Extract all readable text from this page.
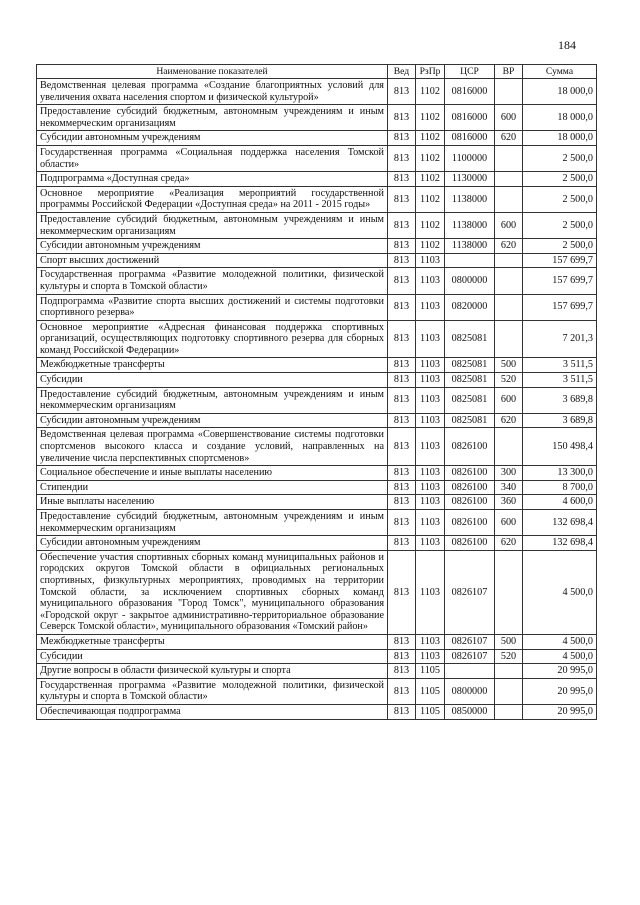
184
Наименование показателей	Вед	РзПр	ЦСР	ВР	Сумма
Ведомственная целевая программа «Создание благоприятных условий для увеличения охвата населения спортом и физической культурой»	813	1102	0816000		18 000,0
Предоставление субсидий бюджетным, автономным учреждениям и иным некоммерческим организациям	813	1102	0816000	600	18 000,0
Субсидии автономным учреждениям	813	1102	0816000	620	18 000,0
Государственная программа «Социальная поддержка населения Томской области»	813	1102	1100000		2 500,0
Подпрограмма «Доступная среда»	813	1102	1130000		2 500,0
Основное мероприятие «Реализация мероприятий государственной программы Российской Федерации «Доступная среда» на 2011 - 2015 годы»	813	1102	1138000		2 500,0
Предоставление субсидий бюджетным, автономным учреждениям и иным некоммерческим организациям	813	1102	1138000	600	2 500,0
Субсидии автономным учреждениям	813	1102	1138000	620	2 500,0
Спорт высших достижений	813	1103			157 699,7
Государственная программа «Развитие молодежной политики, физической культуры и спорта в Томской области»	813	1103	0800000		157 699,7
Подпрограмма «Развитие спорта высших достижений и системы подготовки спортивного резерва»	813	1103	0820000		157 699,7
Основное мероприятие «Адресная финансовая поддержка спортивных организаций, осуществляющих подготовку спортивного резерва для сборных команд Российской Федерации»	813	1103	0825081		7 201,3
Межбюджетные трансферты	813	1103	0825081	500	3 511,5
Субсидии	813	1103	0825081	520	3 511,5
Предоставление субсидий бюджетным, автономным учреждениям и иным некоммерческим организациям	813	1103	0825081	600	3 689,8
Субсидии автономным учреждениям	813	1103	0825081	620	3 689,8
Ведомственная целевая программа «Совершенствование системы подготовки спортсменов высокого класса и создание условий, направленных на увеличение числа перспективных спортсменов»	813	1103	0826100		150 498,4
Социальное обеспечение и иные выплаты населению	813	1103	0826100	300	13 300,0
Стипендии	813	1103	0826100	340	8 700,0
Иные выплаты населению	813	1103	0826100	360	4 600,0
Предоставление субсидий бюджетным, автономным учреждениям и иным некоммерческим организациям	813	1103	0826100	600	132 698,4
Субсидии автономным учреждениям	813	1103	0826100	620	132 698,4
Обеспечение участия спортивных сборных команд муниципальных районов и городских округов Томской области в официальных региональных спортивных, физкультурных мероприятиях, проводимых на территории Томской области, за исключением спортивных сборных команд муниципального образования "Город Томск", муниципального образования «Городской округ - закрытое административно-территориальное образование Северск Томской области», муниципального образования «Томский район»	813	1103	0826107		4 500,0
Межбюджетные трансферты	813	1103	0826107	500	4 500,0
Субсидии	813	1103	0826107	520	4 500,0
Другие вопросы в области физической культуры и спорта	813	1105			20 995,0
Государственная программа «Развитие молодежной политики, физической культуры и спорта в Томской области»	813	1105	0800000		20 995,0
Обеспечивающая подпрограмма	813	1105	0850000		20 995,0
